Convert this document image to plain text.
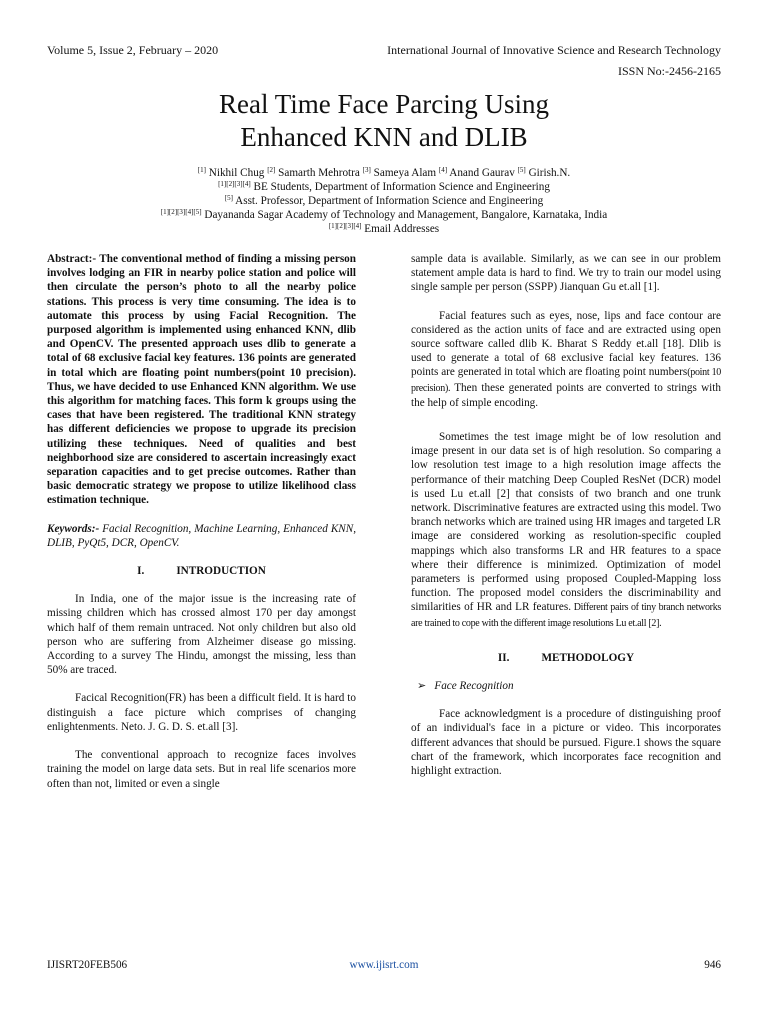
Volume 5, Issue 2, February – 2020	International Journal of Innovative Science and Research Technology
ISSN No:-2456-2165
Real Time Face Parcing Using
Enhanced KNN and DLIB
[1] Nikhil Chug [2] Samarth Mehrotra [3] Sameya Alam [4] Anand Gaurav [5] Girish.N.
[1][2][3][4] BE Students, Department of Information Science and Engineering
[5] Asst. Professor, Department of Information Science and Engineering
[1][2][3][4][5] Dayananda Sagar Academy of Technology and Management, Bangalore, Karnataka, India
[1][2][3][4] Email Addresses

Abstract:- The conventional method of finding a missing person involves lodging an FIR in nearby police station and police will then circulate the person’s photo to all the nearby police stations. This process is very time consuming. The idea is to automate this process by using Facial Recognition. The purposed algorithm is implemented using enhanced KNN, dlib and OpenCV. The presented approach uses dlib to generate a total of 68 exclusive facial key features. 136 points are generated in total which are floating point numbers(point 10 precision). Thus, we have decided to use Enhanced KNN algorithm. We use this algorithm for matching faces. This form k groups using the cases that have been registered. The traditional KNN strategy has different deficiencies we propose to upgrade its precision utilizing these techniques. Need of qualities and best neighborhood size are considered to ascertain increasingly exact separation capacities and to get precise outcomes. Rather than basic democratic strategy we propose to utilize likelihood class estimation technique.

Keywords:- Facial Recognition, Machine Learning, Enhanced KNN, DLIB, PyQt5, DCR, OpenCV.

I.	INTRODUCTION

In India, one of the major issue is the increasing rate of missing children which has crossed almost 170 per day amongst which half of them remain untraced. Not only children but also old person who are suffering from Alzheimer disease go missing. According to a survey The Hindu, amongst the missing, less than 50% are traced.

Facical Recognition(FR) has been a difficult field. It is hard to distinguish a face picture which comprises of changing enlightenments. Neto. J. G. D. S. et.all [3].

The conventional approach to recognize faces involves training the model on large data sets. But in real life scenarios more often than not, limited or even a single

sample data is available. Similarly, as we can see in our problem statement ample data is hard to find. We try to train our model using single sample per person (SSPP) Jianquan Gu et.all [1].

Facial features such as eyes, nose, lips and face contour are considered as the action units of face and are extracted using open source software called dlib K. Bharat S Reddy et.all [18]. Dlib is used to generate a total of 68 exclusive facial key features. 136 points are generated in total which are floating point numbers(point 10 precision). Then these generated points are converted to strings with the help of simple encoding.

Sometimes the test image might be of low resolution and image present in our data set is of high resolution. So comparing a low resolution test image to a high resolution image affects the performance of their matching Deep Coupled ResNet (DCR) model is used Lu et.all [2] that consists of two branch and one trunk network. Discriminative features are extracted using this model. Two branch networks which are trained using HR images and targeted LR image are considered working as resolution-specific coupled mappings which also transforms LR and HR features to a space where their difference is minimized. Optimization of model parameters is performed using proposed Coupled-Mapping loss function. The proposed model considers the discriminability and similarities of HR and LR features. Different pairs of tiny branch networks are trained to cope with the different image resolutions Lu et.all [2].

II.	METHODOLOGY

➢ Face Recognition

Face acknowledgment is a procedure of distinguishing proof of an individual's face in a picture or video. This incorporates different advances that should be pursued. Figure.1 shows the square chart of the framework, which incorporates face recognition and highlight extraction.

IJISRT20FEB506	www.ijisrt.com	946
